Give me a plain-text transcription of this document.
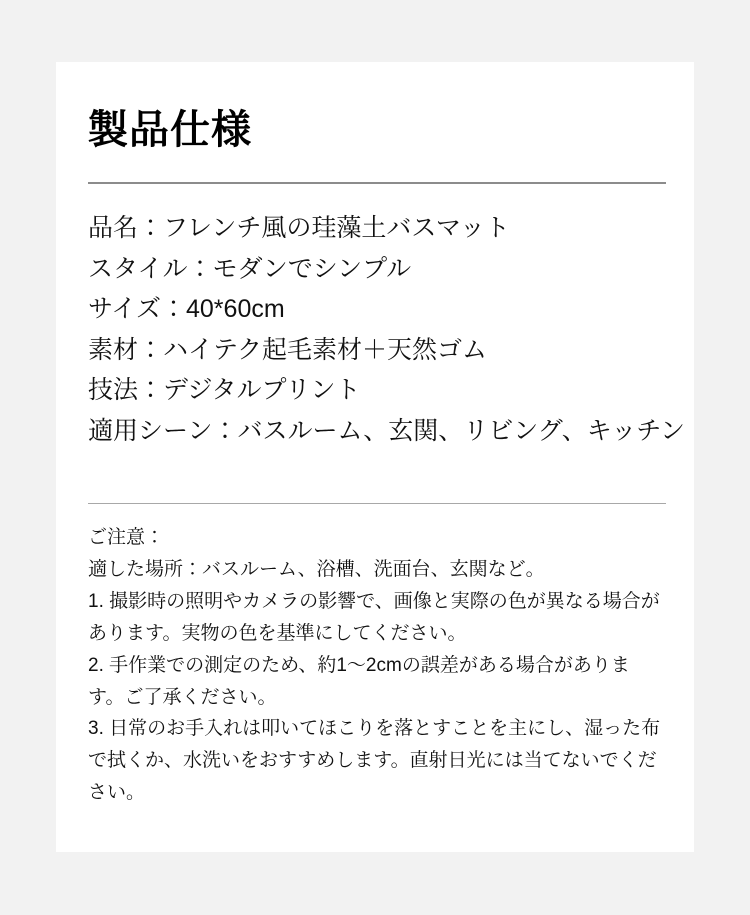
製品仕様
品名：フレンチ風の珪藻土バスマット
スタイル：モダンでシンプル
サイズ：40*60cm
素材：ハイテク起毛素材＋天然ゴム
技法：デジタルプリント
適用シーン：バスルーム、玄関、リビング、キッチン
ご注意：
適した場所：バスルーム、浴槽、洗面台、玄関など。

1. 撮影時の照明やカメラの影響で、画像と実際の色が異なる場合があります。実物の色を基準にしてください。

2. 手作業での測定のため、約1〜2cmの誤差がある場合があります。ご了承ください。

3. 日常のお手入れは叩いてほこりを落とすことを主にし、湿った布で拭くか、水洗いをおすすめします。直射日光には当てないでください。
